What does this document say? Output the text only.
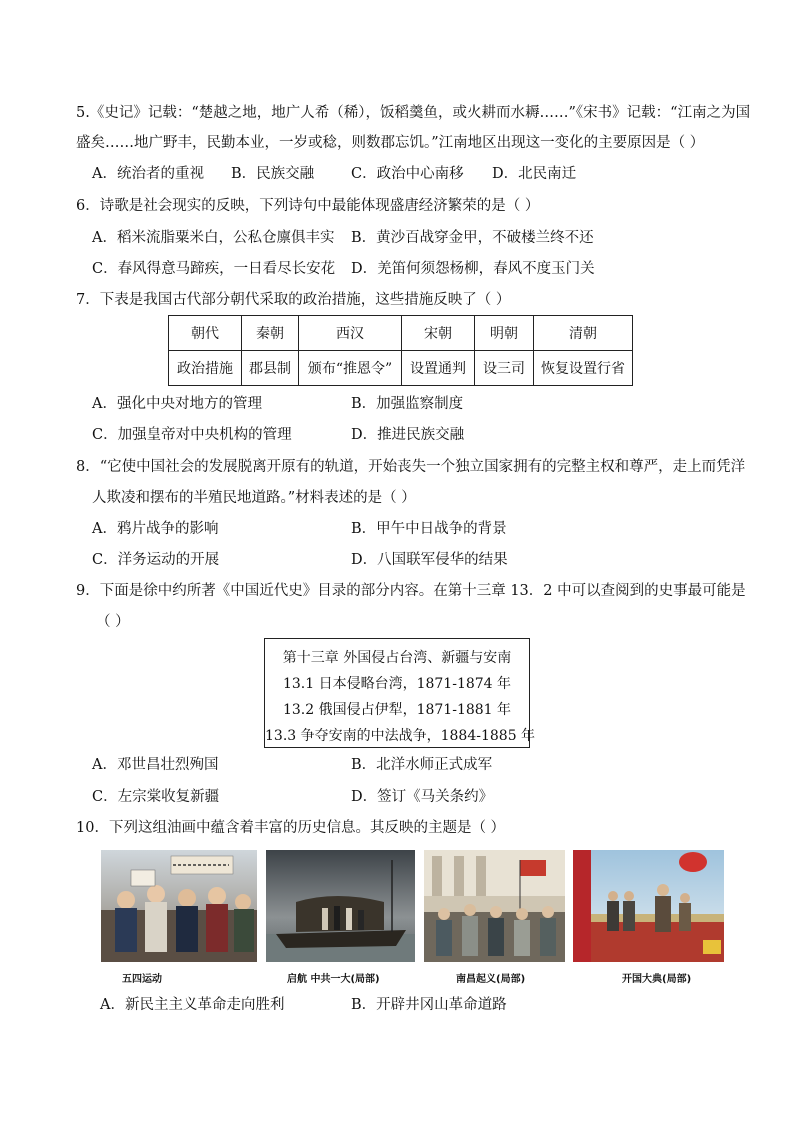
5.《史记》记载：“楚越之地，地广人希（稀），饭稻羹鱼，或火耕而水耨……”《宋书》记载：“江南之为国
盛矣……地广野丰，民勤本业，一岁或稔，则数郡忘饥。”江南地区出现这一变化的主要原因是（ ）
A．统治者的重视 B．民族交融	C．政治中心南移 D．北民南迁
6．诗歌是社会现实的反映，下列诗句中最能体现盛唐经济繁荣的是（ ）
A．稻米流脂粟米白，公私仓廪俱丰实 B．黄沙百战穿金甲，不破楼兰终不还
C．春风得意马蹄疾，一日看尽长安花 D．羌笛何须怨杨柳，春风不度玉门关
7．下表是我国古代部分朝代采取的政治措施，这些措施反映了（ ）
朝代	秦朝	西汉	宋朝	明朝	清朝
政治措施	郡县制	颁布“推恩令”	设置通判	设三司	恢复设置行省
A．强化中央对地方的管理	B．加强监察制度
C．加强皇帝对中央机构的管理	D．推进民族交融
8．“它使中国社会的发展脱离开原有的轨道，开始丧失一个独立国家拥有的完整主权和尊严，走上而凭洋
人欺凌和摆布的半殖民地道路。”材料表述的是（ ）
A．鸦片战争的影响	B．甲午中日战争的背景
C．洋务运动的开展	D．八国联军侵华的结果
9．下面是徐中约所著《中国近代史》目录的部分内容。在第十三章 13．2 中可以查阅到的史事最可能是
（ ）
第十三章 外国侵占台湾、新疆与安南
13.1 日本侵略台湾，1871-1874 年
13.2 俄国侵占伊犁，1871-1881 年
13.3 争夺安南的中法战争，1884-1885 年
A．邓世昌壮烈殉国	B．北洋水师正式成军
C．左宗棠收复新疆	D．签订《马关条约》
10．下列这组油画中蕴含着丰富的历史信息。其反映的主题是（ ）
五四运动	启航 中共一大(局部)	南昌起义(局部)	开国大典(局部)
A．新民主主义革命走向胜利	B．开辟井冈山革命道路
